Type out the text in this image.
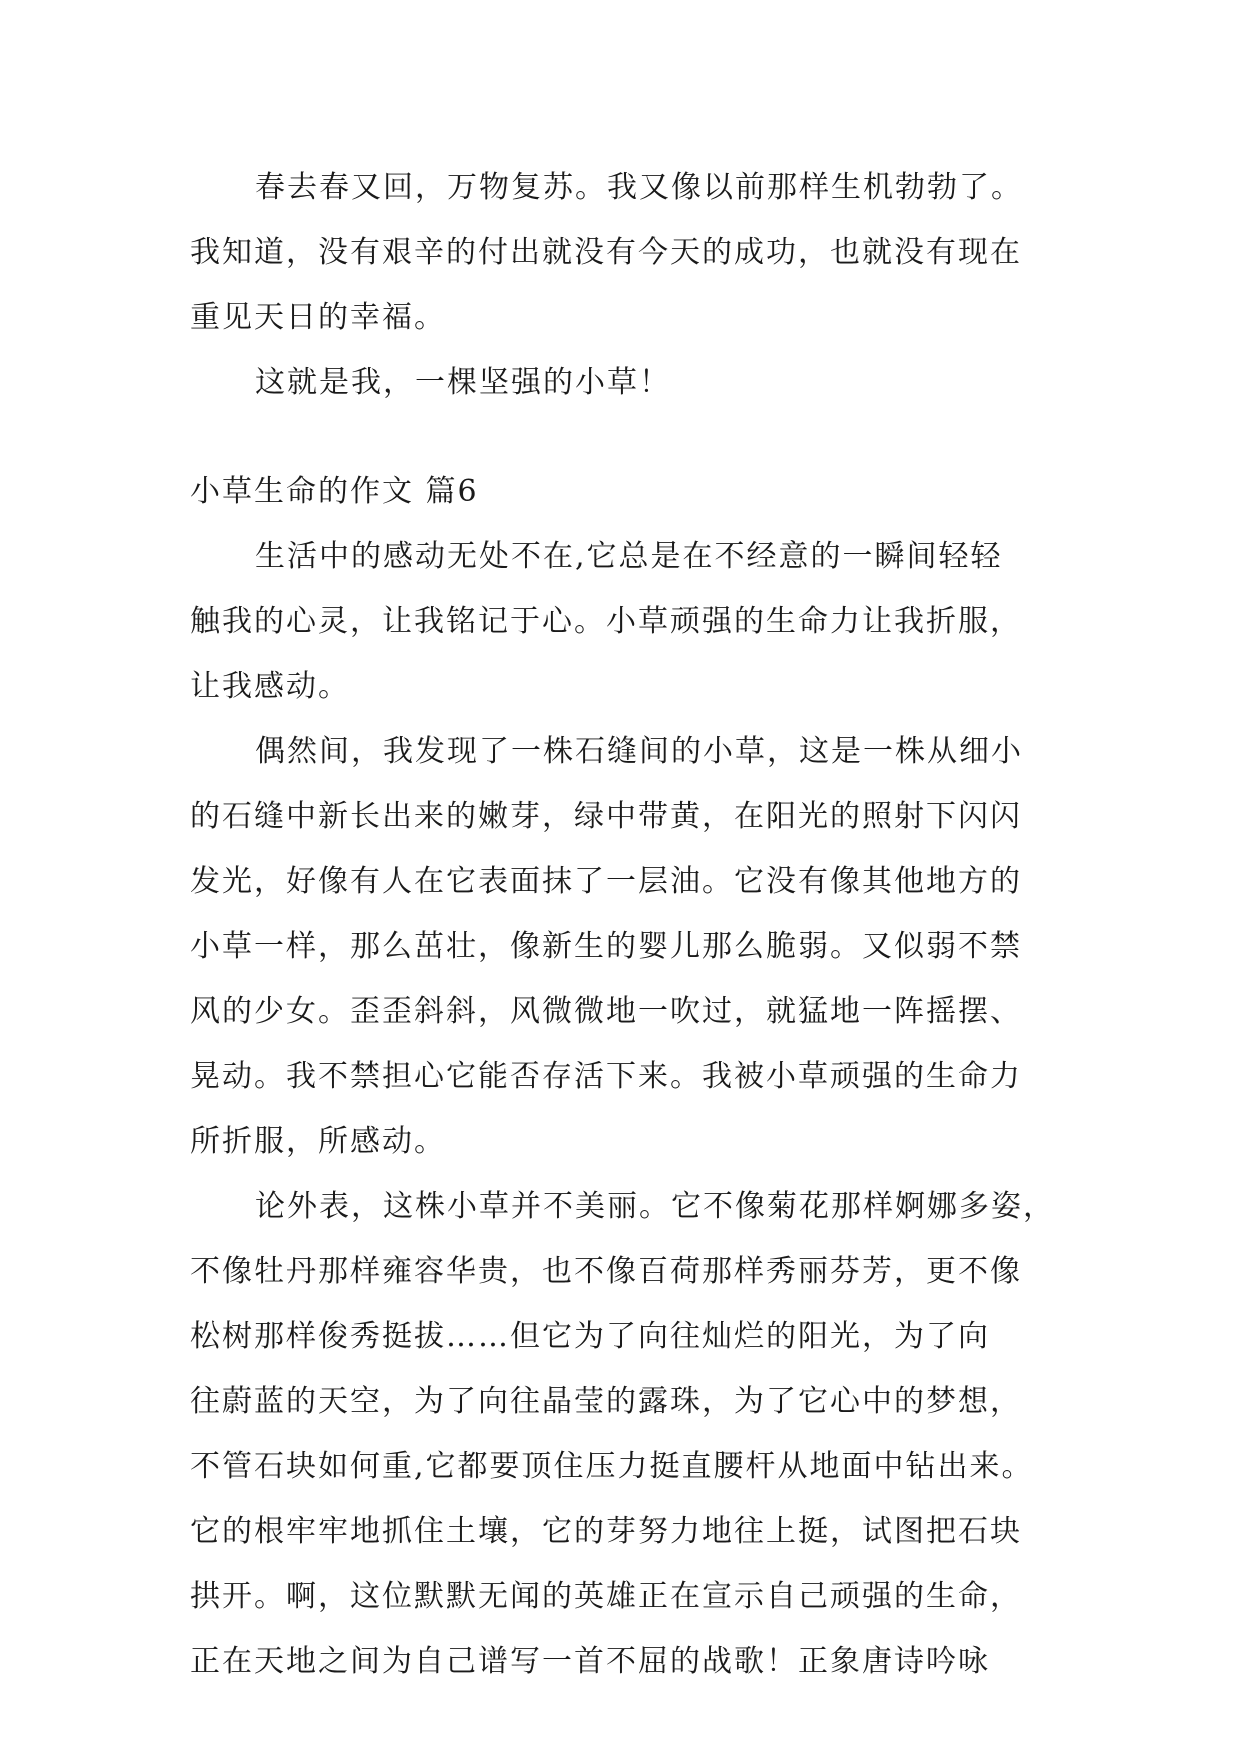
春去春又回，万物复苏。我又像以前那样生机勃勃了。
我知道，没有艰辛的付出就没有今天的成功，也就没有现在
重见天日的幸福。
这就是我，一棵坚强的小草！
小草生命的作文 篇6
生活中的感动无处不在,它总是在不经意的一瞬间轻轻
触我的心灵，让我铭记于心。小草顽强的生命力让我折服，
让我感动。
偶然间，我发现了一株石缝间的小草，这是一株从细小
的石缝中新长出来的嫩芽，绿中带黄，在阳光的照射下闪闪
发光，好像有人在它表面抹了一层油。它没有像其他地方的
小草一样，那么茁壮，像新生的婴儿那么脆弱。又似弱不禁
风的少女。歪歪斜斜，风微微地一吹过，就猛地一阵摇摆、
晃动。我不禁担心它能否存活下来。我被小草顽强的生命力
所折服，所感动。
论外表，这株小草并不美丽。它不像菊花那样婀娜多姿，
不像牡丹那样雍容华贵，也不像百荷那样秀丽芬芳，更不像
松树那样俊秀挺拔……但它为了向往灿烂的阳光，为了向
往蔚蓝的天空，为了向往晶莹的露珠，为了它心中的梦想，
不管石块如何重,它都要顶住压力挺直腰杆从地面中钻出来。
它的根牢牢地抓住土壤，它的芽努力地往上挺，试图把石块
拱开。啊，这位默默无闻的英雄正在宣示自己顽强的生命，
正在天地之间为自己谱写一首不屈的战歌！正象唐诗吟咏
